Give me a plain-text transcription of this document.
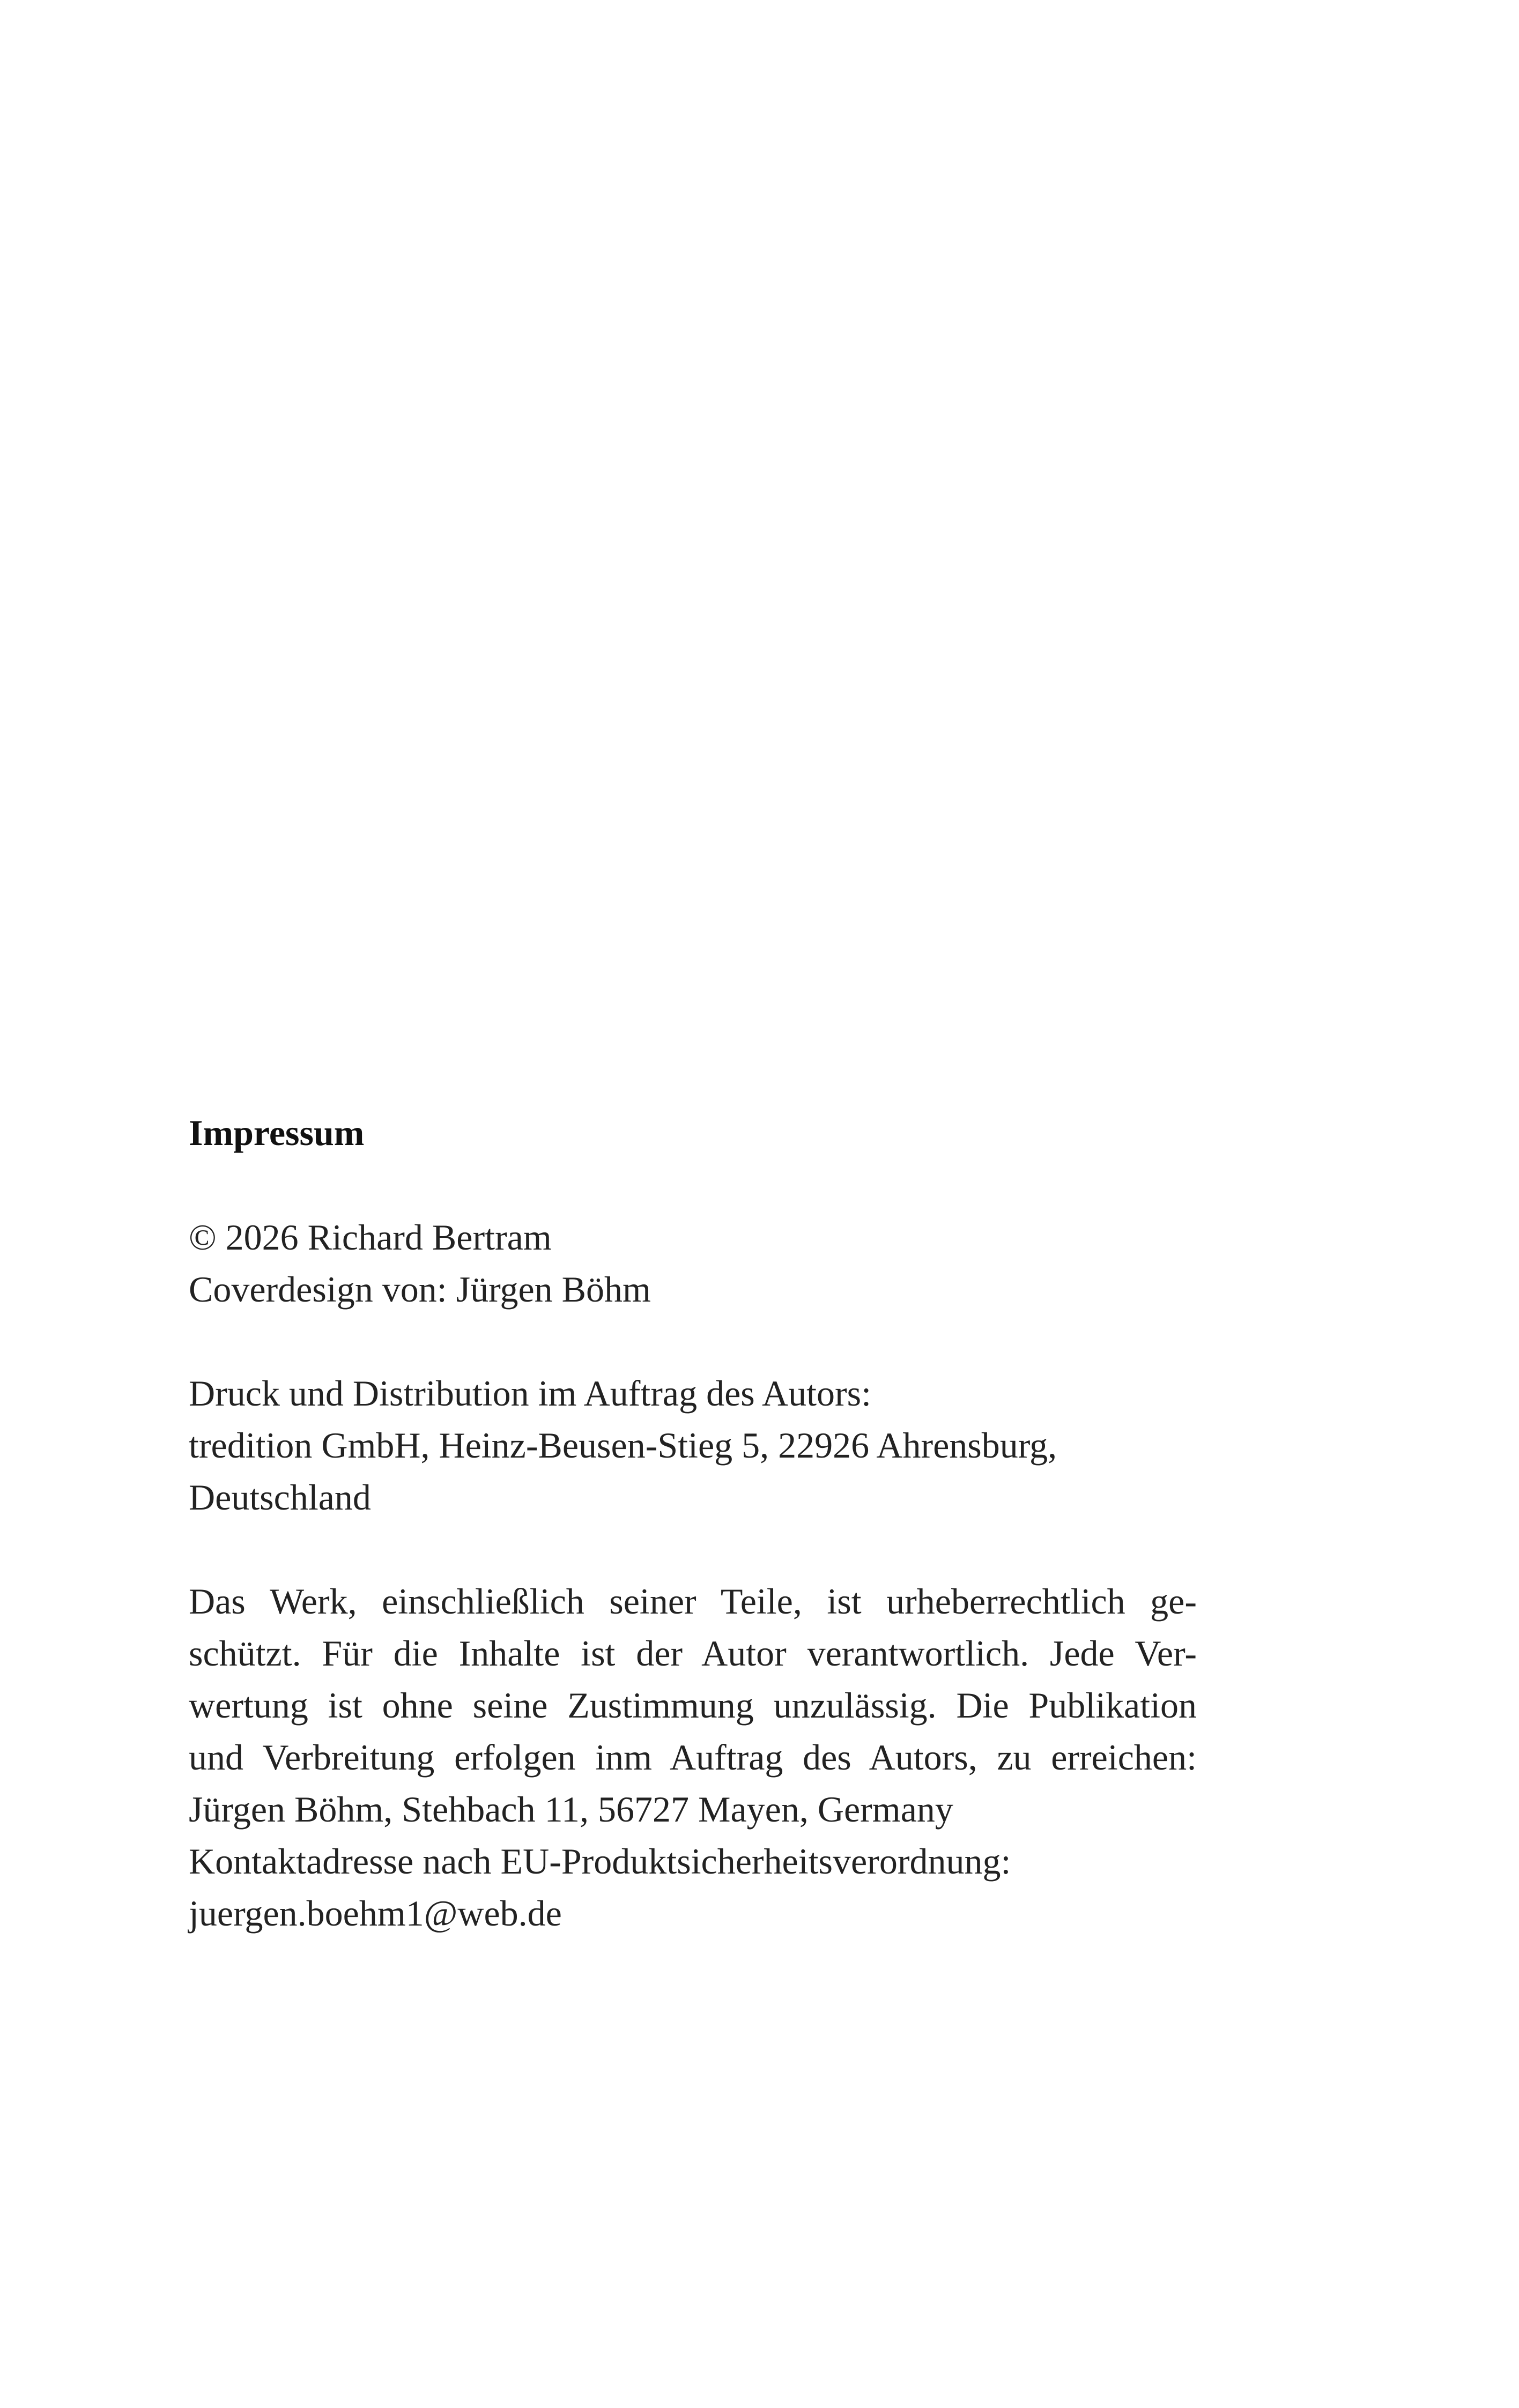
Impressum
© 2026 Richard Bertram
Coverdesign von: Jürgen Böhm
Druck und Distribution im Auftrag des Autors:
tredition GmbH, Heinz-Beusen-Stieg 5, 22926 Ahrensburg,
Deutschland
Das Werk, einschließlich seiner Teile, ist urheberrechtlich ge-
schützt. Für die Inhalte ist der Autor verantwortlich. Jede Ver-
wertung ist ohne seine Zustimmung unzulässig. Die Publikation
und Verbreitung erfolgen inm Auftrag des Autors, zu erreichen:
Jürgen Böhm, Stehbach 11, 56727 Mayen, Germany
Kontaktadresse nach EU-Produktsicherheitsverordnung:
juergen.boehm1@web.de
